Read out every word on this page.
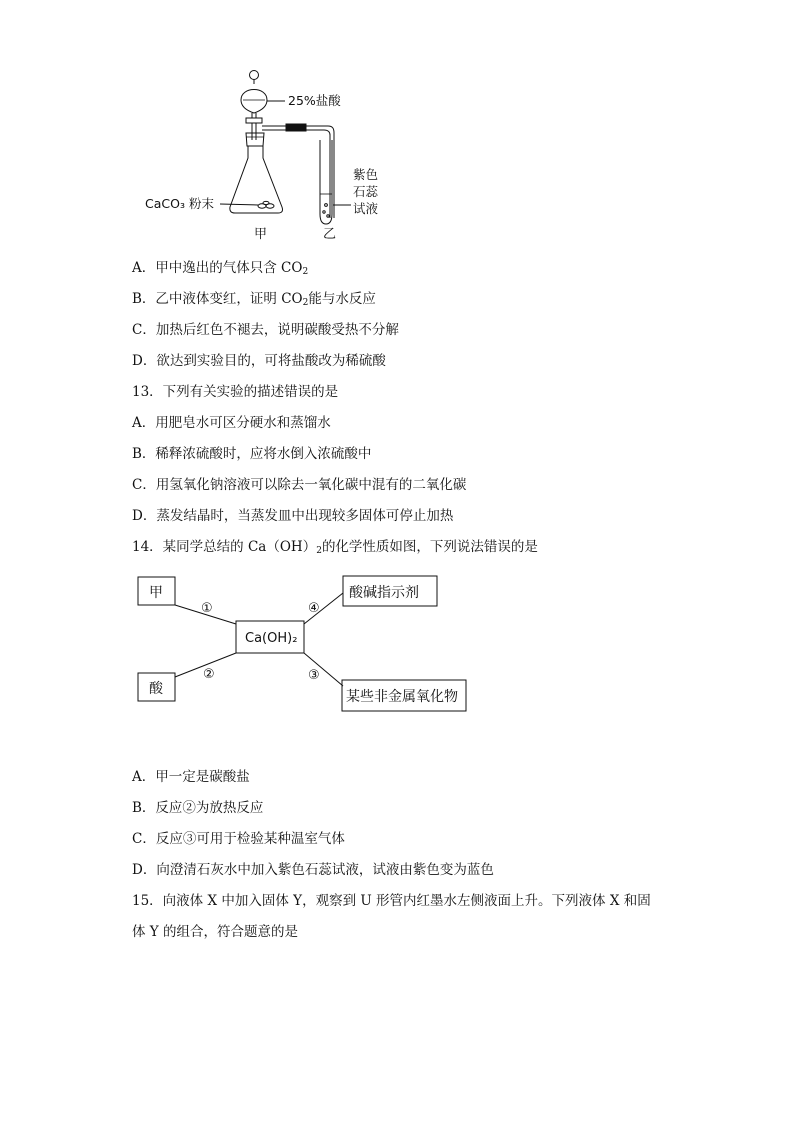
25%盐酸
CaCO₃ 粉末
紫色
石蕊
试液
甲	乙
A．甲中逸出的气体只含 $CO_2$
B．乙中液体变红，证明 $CO_2$能与水反应
C．加热后红色不褪去，说明碳酸受热不分解
D．欲达到实验目的，可将盐酸改为稀硫酸
13．下列有关实验的描述错误的是
A．用肥皂水可区分硬水和蒸馏水
B．稀释浓硫酸时，应将水倒入浓硫酸中
C．用氢氧化钠溶液可以除去一氧化碳中混有的二氧化碳
D．蒸发结晶时，当蒸发皿中出现较多固体可停止加热
14．某同学总结的 $Ca(OH)_2$的化学性质如图，下列说法错误的是
甲
酸
Ca(OH)₂
酸碱指示剂
某些非金属氧化物
①
②
④
③
A．甲一定是碳酸盐
B．反应②为放热反应
C．反应③可用于检验某种温室气体
D．向澄清石灰水中加入紫色石蕊试液，试液由紫色变为蓝色
15．向液体 X 中加入固体 Y，观察到 U 形管内红墨水左侧液面上升。下列液体 X 和固
体 Y 的组合，符合题意的是
